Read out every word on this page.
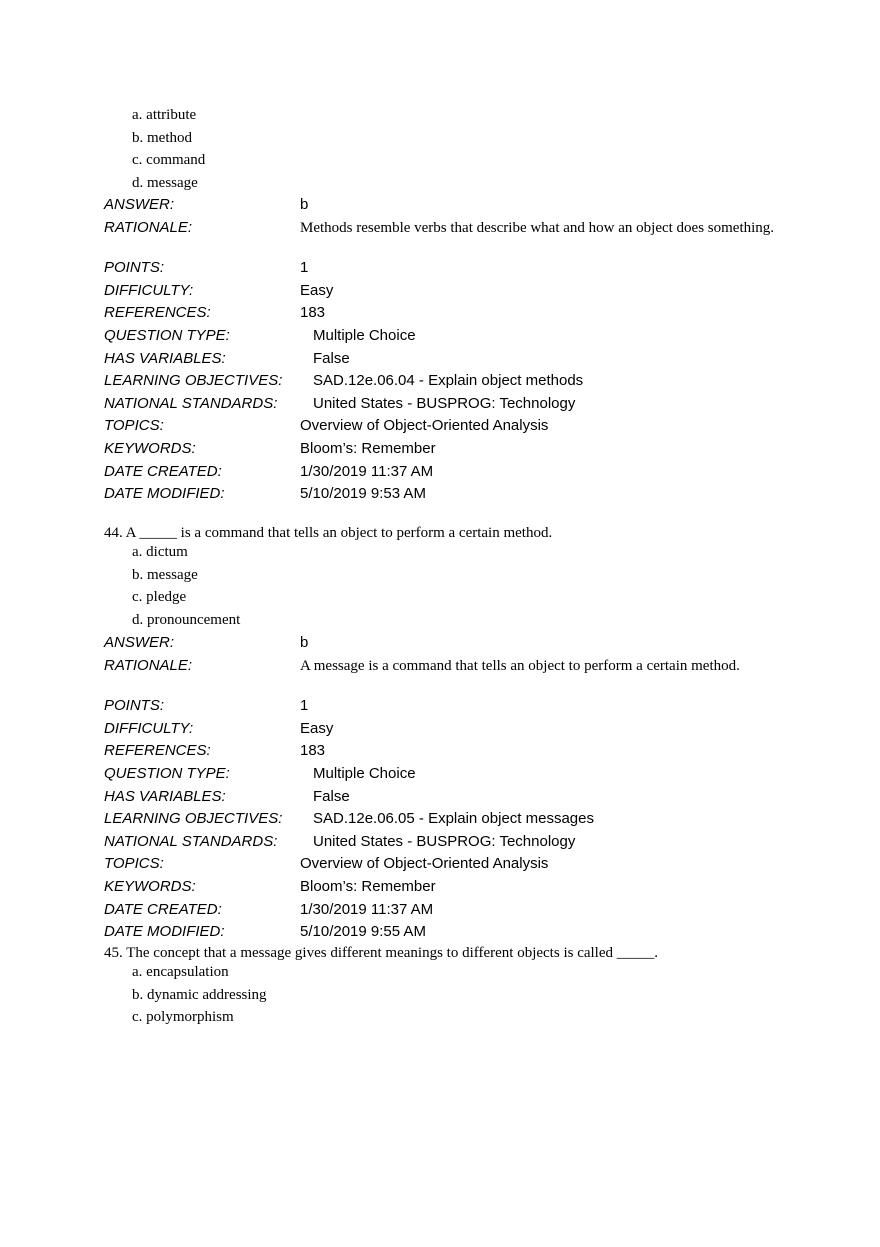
a. attribute
b. method
c. command
d. message
ANSWER:	b
RATIONALE:	Methods resemble verbs that describe what and how an object does something.
POINTS:	1
DIFFICULTY:	Easy
REFERENCES:	183
QUESTION TYPE:	Multiple Choice
HAS VARIABLES:	False
LEARNING OBJECTIVES:	SAD.12e.06.04 - Explain object methods
NATIONAL STANDARDS:	United States - BUSPROG: Technology
TOPICS:	Overview of Object-Oriented Analysis
KEYWORDS:	Bloom’s: Remember
DATE CREATED:	1/30/2019 11:37 AM
DATE MODIFIED:	5/10/2019 9:53 AM
44. A _____ is a command that tells an object to perform a certain method.
a. dictum
b. message
c. pledge
d. pronouncement
ANSWER:	b
RATIONALE:	A message is a command that tells an object to perform a certain method.
POINTS:	1
DIFFICULTY:	Easy
REFERENCES:	183
QUESTION TYPE:	Multiple Choice
HAS VARIABLES:	False
LEARNING OBJECTIVES:	SAD.12e.06.05 - Explain object messages
NATIONAL STANDARDS:	United States - BUSPROG: Technology
TOPICS:	Overview of Object-Oriented Analysis
KEYWORDS:	Bloom’s: Remember
DATE CREATED:	1/30/2019 11:37 AM
DATE MODIFIED:	5/10/2019 9:55 AM
45. The concept that a message gives different meanings to different objects is called _____.
a. encapsulation
b. dynamic addressing
c. polymorphism
